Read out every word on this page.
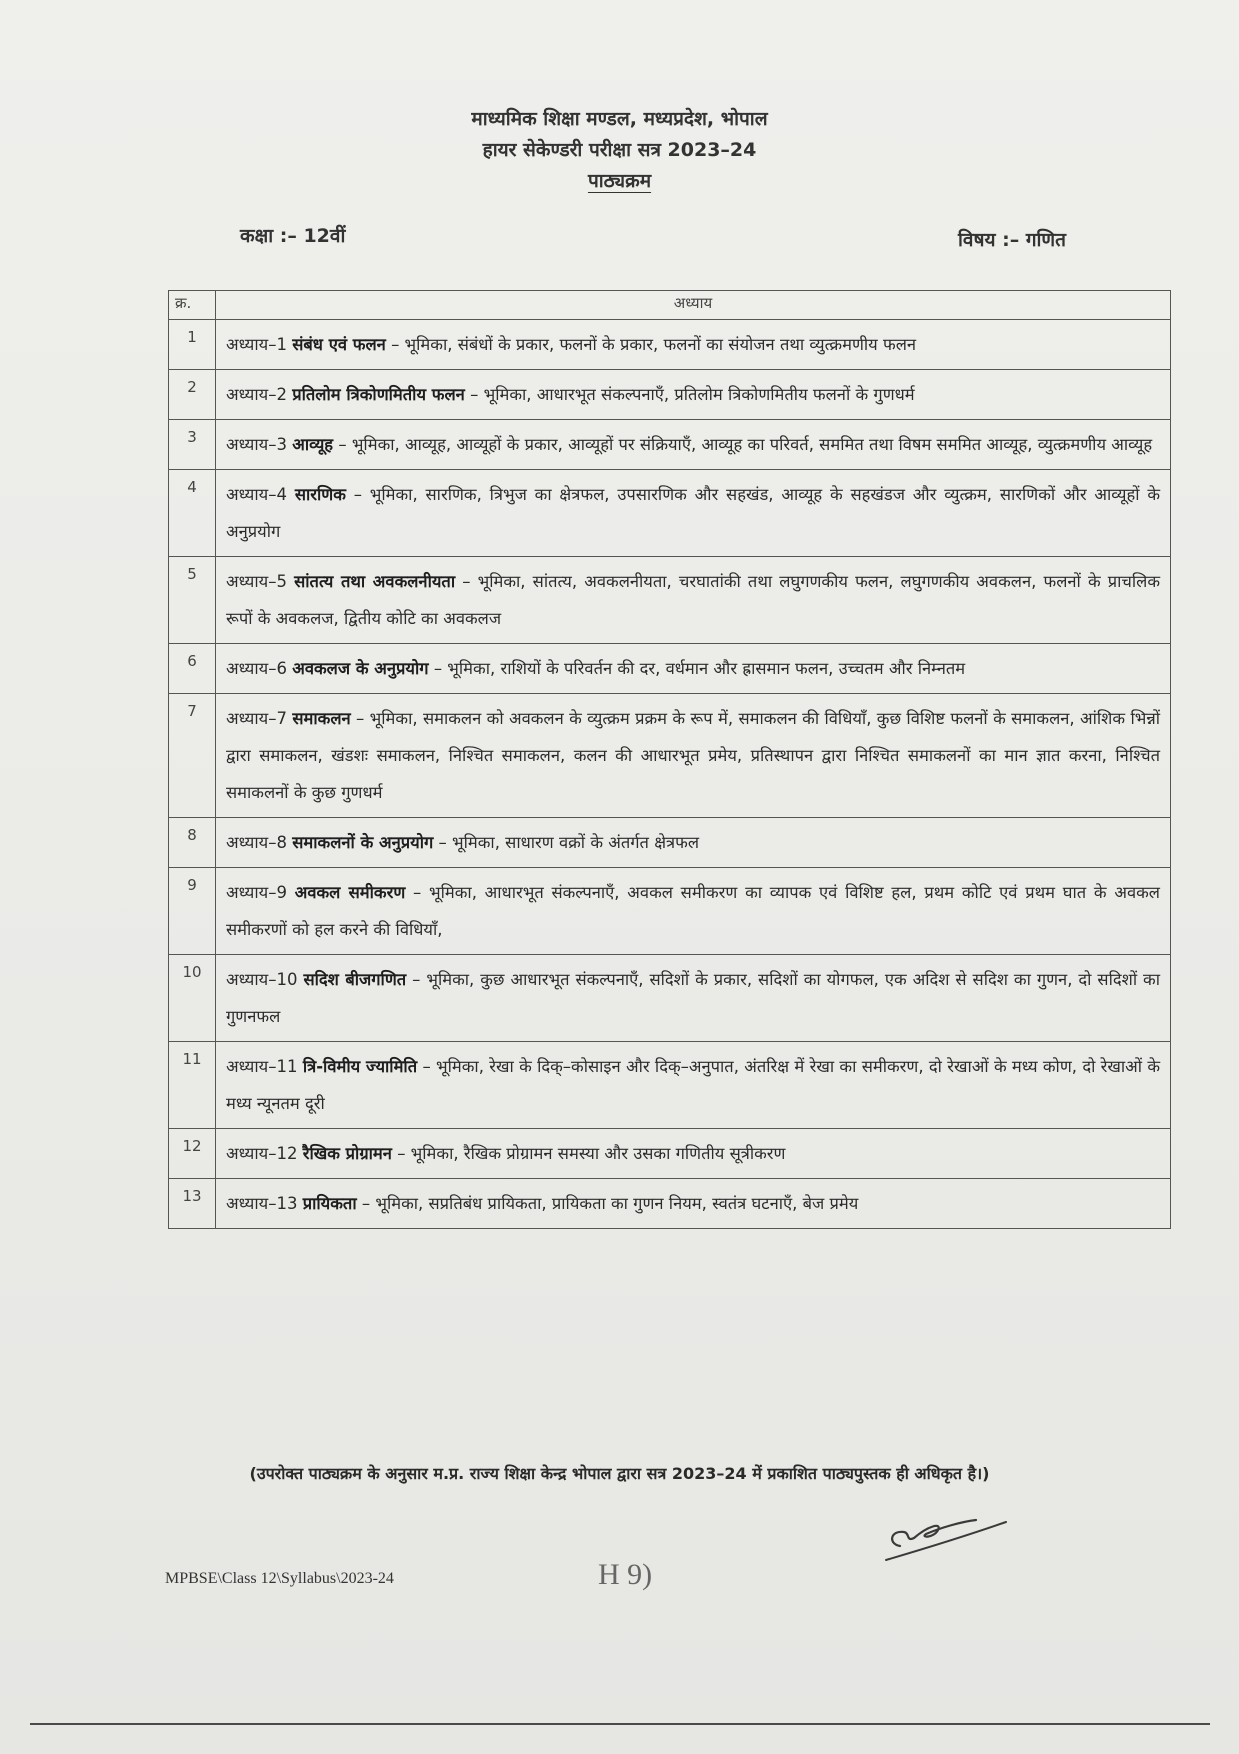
माध्यमिक शिक्षा मण्डल, मध्यप्रदेश, भोपाल
हायर सेकेण्डरी परीक्षा सत्र 2023–24
पाठ्यक्रम
कक्षा :– 12वीं	विषय :– गणित
क्र.	अध्याय
1	अध्याय–1 संबंध एवं फलन – भूमिका, संबंधों के प्रकार, फलनों के प्रकार, फलनों का संयोजन तथा व्युत्क्रमणीय फलन
2	अध्याय–2 प्रतिलोम त्रिकोणमितीय फलन – भूमिका, आधारभूत संकल्पनाएँ, प्रतिलोम त्रिकोणमितीय फलनों के गुणधर्म
3	अध्याय–3 आव्यूह – भूमिका, आव्यूह, आव्यूहों के प्रकार, आव्यूहों पर संक्रियाएँ, आव्यूह का परिवर्त, सममित तथा विषम सममित आव्यूह, व्युत्क्रमणीय आव्यूह
4	अध्याय–4 सारणिक – भूमिका, सारणिक, त्रिभुज का क्षेत्रफल, उपसारणिक और सहखंड, आव्यूह के सहखंडज और व्युत्क्रम, सारणिकों और आव्यूहों के अनुप्रयोग
5	अध्याय–5 सांतत्य तथा अवकलनीयता – भूमिका, सांतत्य, अवकलनीयता, चरघातांकी तथा लघुगणकीय फलन, लघुगणकीय अवकलन, फलनों के प्राचलिक रूपों के अवकलज, द्वितीय कोटि का अवकलज
6	अध्याय–6 अवकलज के अनुप्रयोग – भूमिका, राशियों के परिवर्तन की दर, वर्धमान और ह्रासमान फलन, उच्चतम और निम्नतम
7	अध्याय–7 समाकलन – भूमिका, समाकलन को अवकलन के व्युत्क्रम प्रक्रम के रूप में, समाकलन की विधियाँ, कुछ विशिष्ट फलनों के समाकलन, आंशिक भिन्नों द्वारा समाकलन, खंडशः समाकलन, निश्चित समाकलन, कलन की आधारभूत प्रमेय, प्रतिस्थापन द्वारा निश्चित समाकलनों का मान ज्ञात करना, निश्चित समाकलनों के कुछ गुणधर्म
8	अध्याय–8 समाकलनों के अनुप्रयोग – भूमिका, साधारण वक्रों के अंतर्गत क्षेत्रफल
9	अध्याय–9 अवकल समीकरण – भूमिका, आधारभूत संकल्पनाएँ, अवकल समीकरण का व्यापक एवं विशिष्ट हल, प्रथम कोटि एवं प्रथम घात के अवकल समीकरणों को हल करने की विधियाँ,
10	अध्याय–10 सदिश बीजगणित – भूमिका, कुछ आधारभूत संकल्पनाएँ, सदिशों के प्रकार, सदिशों का योगफल, एक अदिश से सदिश का गुणन, दो सदिशों का गुणनफल
11	अध्याय–11 त्रि-विमीय ज्यामिति – भूमिका, रेखा के दिक्–कोसाइन और दिक्–अनुपात, अंतरिक्ष में रेखा का समीकरण, दो रेखाओं के मध्य कोण, दो रेखाओं के मध्य न्यूनतम दूरी
12	अध्याय–12 रैखिक प्रोग्रामन – भूमिका, रैखिक प्रोग्रामन समस्या और उसका गणितीय सूत्रीकरण
13	अध्याय–13 प्रायिकता – भूमिका, सप्रतिबंध प्रायिकता, प्रायिकता का गुणन नियम, स्वतंत्र घटनाएँ, बेज प्रमेय
(उपरोक्त पाठ्यक्रम के अनुसार म.प्र. राज्य शिक्षा केन्द्र भोपाल द्वारा सत्र 2023–24 में प्रकाशित पाठ्यपुस्तक ही अधिकृत है।)
MPBSE\Class 12\Syllabus\2023-24	H 9)
